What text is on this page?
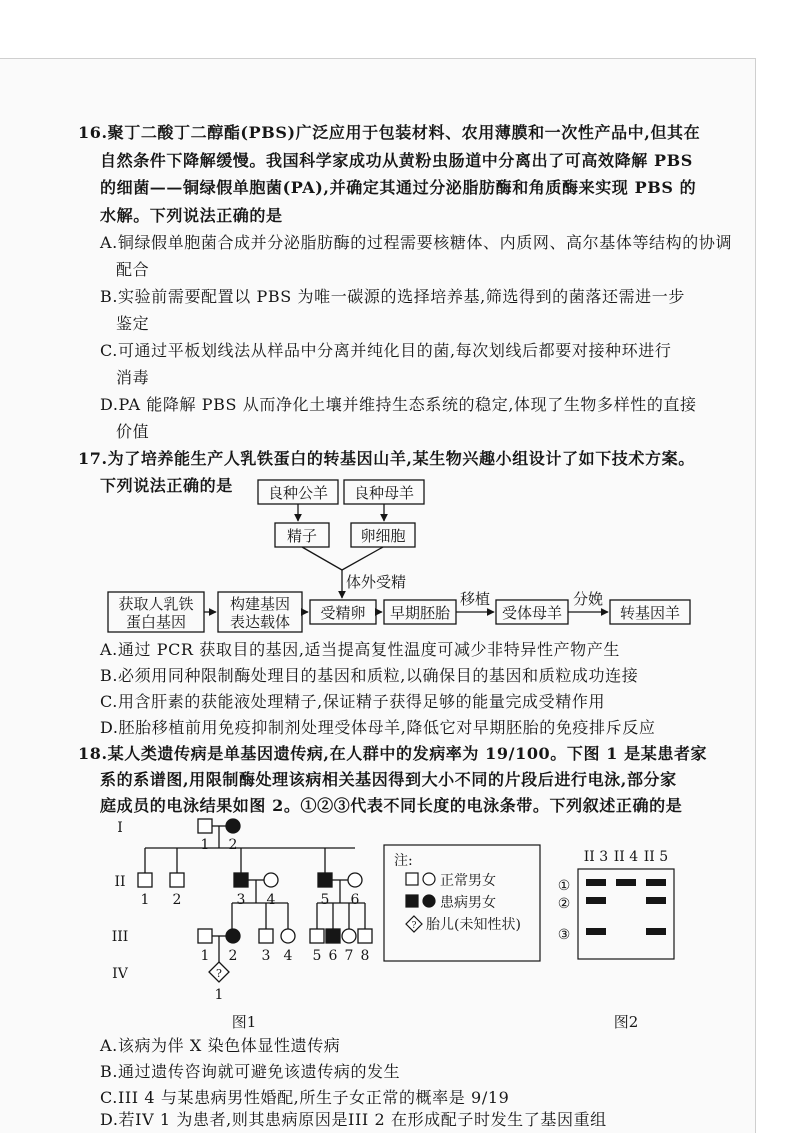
16.聚丁二酸丁二醇酯(PBS)广泛应用于包装材料、农用薄膜和一次性产品中,但其在
自然条件下降解缓慢。我国科学家成功从黄粉虫肠道中分离出了可高效降解 PBS
的细菌——铜绿假单胞菌(PA),并确定其通过分泌脂肪酶和角质酶来实现 PBS 的
水解。下列说法正确的是
A.铜绿假单胞菌合成并分泌脂肪酶的过程需要核糖体、内质网、高尔基体等结构的协调
配合
B.实验前需要配置以 PBS 为唯一碳源的选择培养基,筛选得到的菌落还需进一步
鉴定
C.可通过平板划线法从样品中分离并纯化目的菌,每次划线后都要对接种环进行
消毒
D.PA 能降解 PBS 从而净化土壤并维持生态系统的稳定,体现了生物多样性的直接
价值
17.为了培养能生产人乳铁蛋白的转基因山羊,某生物兴趣小组设计了如下技术方案。
下列说法正确的是 良种公羊 良种母羊
精子	卵细胞
体外受精
获取人乳铁
蛋白基因
构建基因
表达载体 受精卵 早期胚胎
移植
受体母羊
分娩
转基因羊
A.通过 PCR 获取目的基因,适当提高复性温度可减少非特异性产物产生
B.必须用同种限制酶处理目的基因和质粒,以确保目的基因和质粒成功连接
C.用含肝素的获能液处理精子,保证精子获得足够的能量完成受精作用
D.胚胎移植前用免疫抑制剂处理受体母羊,降低它对早期胚胎的免疫排斥反应
18.某人类遗传病是单基因遗传病,在人群中的发病率为 19/100。下图 1 是某患者家
系的系谱图,用限制酶处理该病相关基因得到大小不同的片段后进行电泳,部分家
庭成员的电泳结果如图 2。①②③代表不同长度的电泳条带。下列叙述正确的是
?
I
II
III
IV
1 2
1 2	3 4	5 6
1 2 3 4 5 6 7 8
1
图1
注:
正常男女
患病男女
? 胎儿(未知性状)
II 3 II 4 II 5
①
②
③
图2
A.该病为伴 X 染色体显性遗传病
B.通过遗传咨询就可避免该遗传病的发生
C.III 4 与某患病男性婚配,所生子女正常的概率是 9/19
D.若IV 1 为患者,则其患病原因是III 2 在形成配子时发生了基因重组
